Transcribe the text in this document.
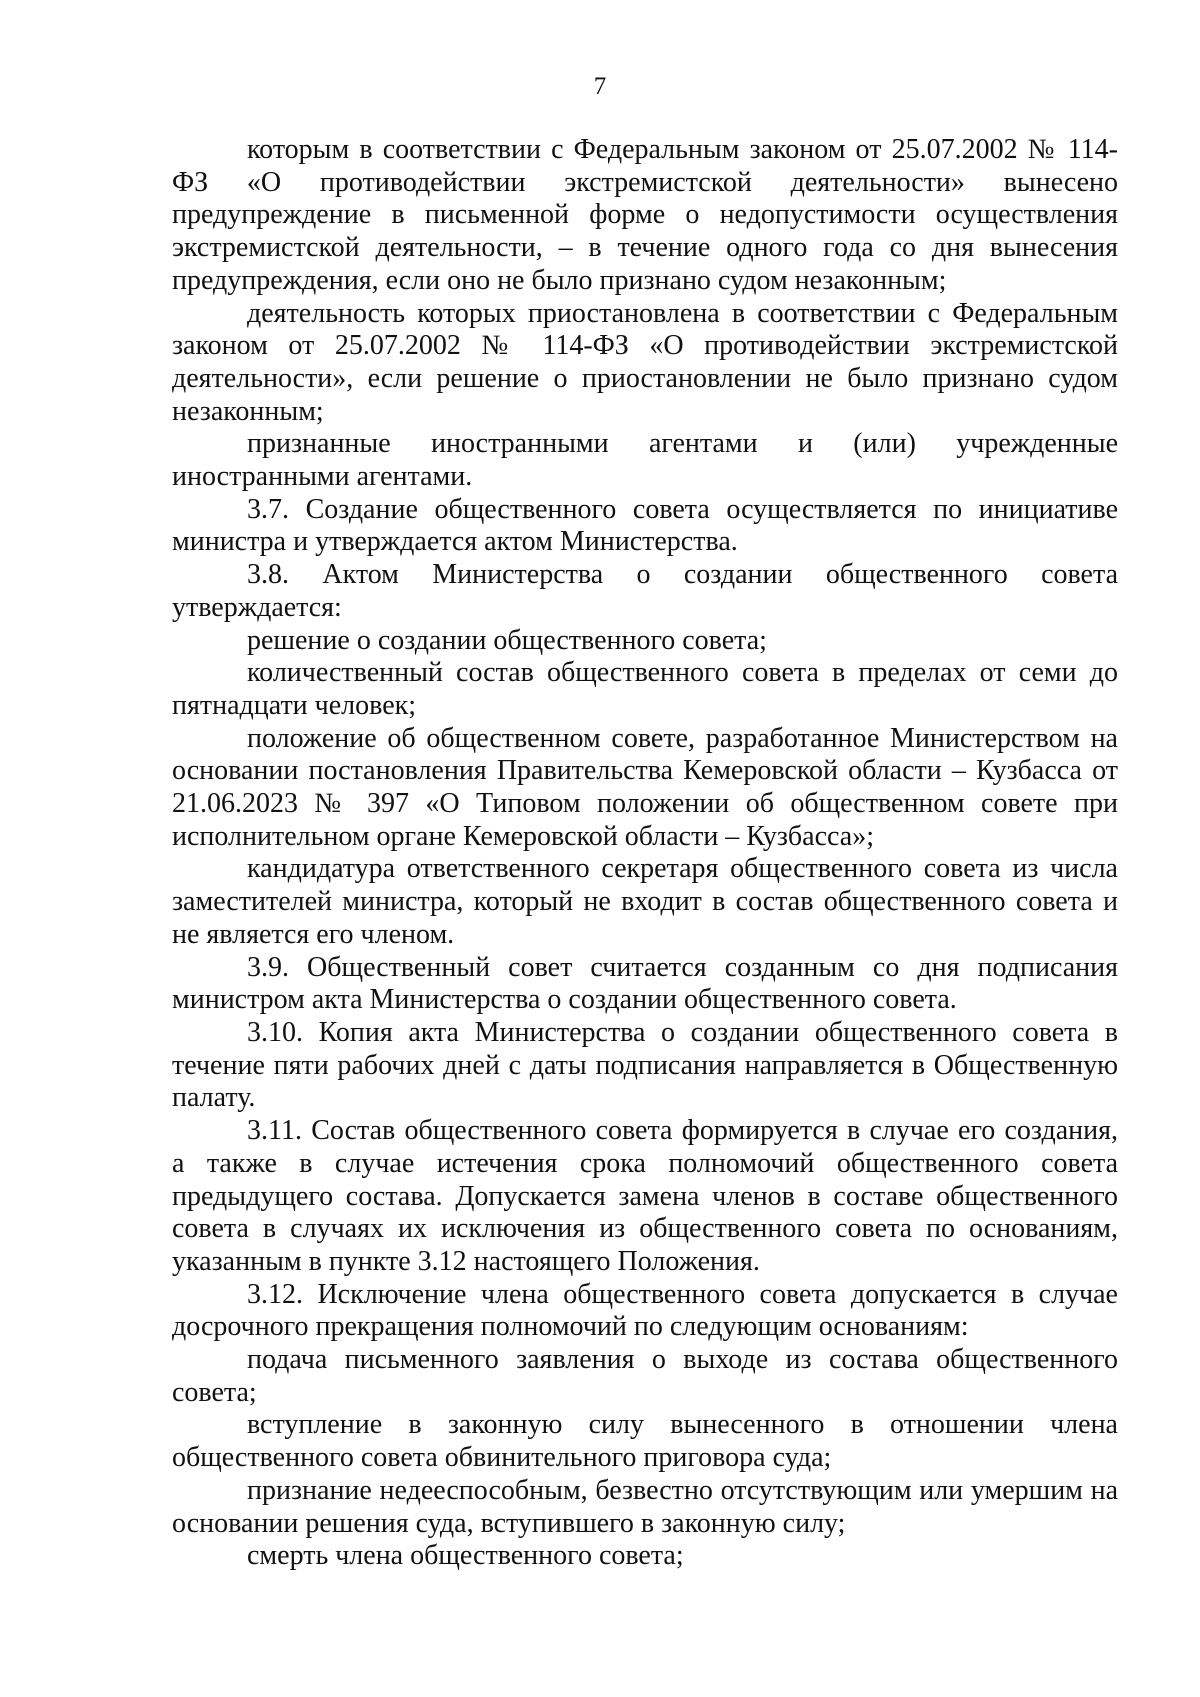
7

которым в соответствии с Федеральным законом от 25.07.2002 № 114-ФЗ «О противодействии экстремистской деятельности» вынесено предупреждение в письменной форме о недопустимости осуществления экстремистской деятельности, – в течение одного года со дня вынесения предупреждения, если оно не было признано судом незаконным;

деятельность которых приостановлена в соответствии с Федеральным законом от 25.07.2002 № 114-ФЗ «О противодействии экстремистской деятельности», если решение о приостановлении не было признано судом незаконным;

признанные иностранными агентами и (или) учрежденные иностранными агентами.

3.7. Создание общественного совета осуществляется по инициативе министра и утверждается актом Министерства.

3.8. Актом Министерства о создании общественного совета утверждается:

решение о создании общественного совета;

количественный состав общественного совета в пределах от семи до пятнадцати человек;

положение об общественном совете, разработанное Министерством на основании постановления Правительства Кемеровской области – Кузбасса от 21.06.2023 № 397 «О Типовом положении об общественном совете при исполнительном органе Кемеровской области – Кузбасса»;

кандидатура ответственного секретаря общественного совета из числа заместителей министра, который не входит в состав общественного совета и не является его членом.

3.9. Общественный совет считается созданным со дня подписания министром акта Министерства о создании общественного совета.

3.10. Копия акта Министерства о создании общественного совета в течение пяти рабочих дней с даты подписания направляется в Общественную палату.

3.11. Состав общественного совета формируется в случае его создания, а также в случае истечения срока полномочий общественного совета предыдущего состава. Допускается замена членов в составе общественного совета в случаях их исключения из общественного совета по основаниям, указанным в пункте 3.12 настоящего Положения.

3.12. Исключение члена общественного совета допускается в случае досрочного прекращения полномочий по следующим основаниям:

подача письменного заявления о выходе из состава общественного совета;

вступление в законную силу вынесенного в отношении члена общественного совета обвинительного приговора суда;

признание недееспособным, безвестно отсутствующим или умершим на основании решения суда, вступившего в законную силу;

смерть члена общественного совета;
